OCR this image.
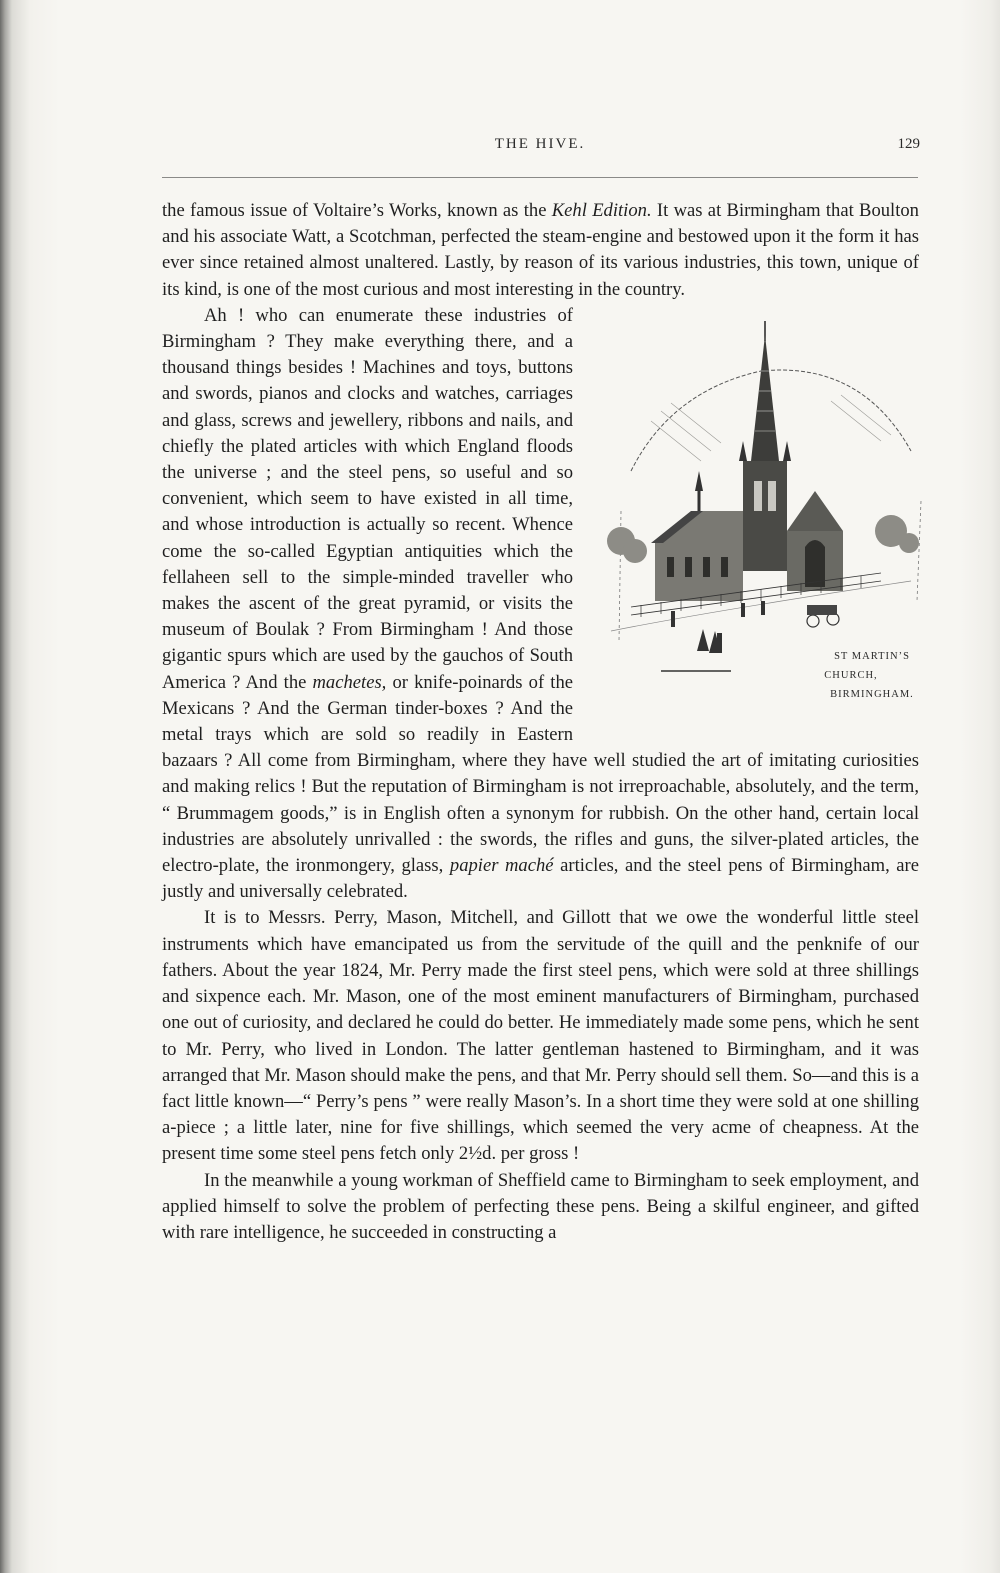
THE HIVE.	129

the famous issue of Voltaire’s Works, known as the Kehl Edition. It was at Birmingham that Boulton and his associate Watt, a Scotchman, perfected the steam-engine and bestowed upon it the form it has ever since retained almost unaltered. Lastly, by reason of its various industries, this town, unique of its kind, is one of the most curious and most interesting in the country.

ST MARTIN’S CHURCH,
BIRMINGHAM.
Ah ! who can enumerate these industries of Birmingham ? They make everything there, and a thousand things besides ! Machines and toys, buttons and swords, pianos and clocks and watches, carriages and glass, screws and jewellery, ribbons and nails, and chiefly the plated articles with which England floods the universe ; and the steel pens, so useful and so convenient, which seem to have existed in all time, and whose introduction is actually so recent. Whence come the so-called Egyptian antiquities which the fellaheen sell to the simple-minded traveller who makes the ascent of the great pyramid, or visits the museum of Boulak ? From Birmingham ! And those gigantic spurs which are used by the gauchos of South America ? And the machetes, or knife-poinards of the Mexicans ? And the German tinder-boxes ? And the metal trays which are sold so readily in Eastern bazaars ? All come from Birmingham, where they have well studied the art of imitating curiosities and making relics ! But the reputation of Birmingham is not irreproachable, absolutely, and the term, “ Brummagem goods,” is in English often a synonym for rubbish. On the other hand, certain local industries are absolutely unrivalled : the swords, the rifles and guns, the silver-plated articles, the electro-plate, the ironmongery, glass, papier maché articles, and the steel pens of Birmingham, are justly and universally celebrated.

It is to Messrs. Perry, Mason, Mitchell, and Gillott that we owe the wonderful little steel instruments which have emancipated us from the servitude of the quill and the penknife of our fathers. About the year 1824, Mr. Perry made the first steel pens, which were sold at three shillings and sixpence each. Mr. Mason, one of the most eminent manufacturers of Birmingham, purchased one out of curiosity, and declared he could do better. He immediately made some pens, which he sent to Mr. Perry, who lived in London. The latter gentleman hastened to Birmingham, and it was arranged that Mr. Mason should make the pens, and that Mr. Perry should sell them. So—and this is a fact little known—“ Perry’s pens ” were really Mason’s. In a short time they were sold at one shilling a-piece ; a little later, nine for five shillings, which seemed the very acme of cheapness. At the present time some steel pens fetch only 2½d. per gross !

In the meanwhile a young workman of Sheffield came to Birmingham to seek employment, and applied himself to solve the problem of perfecting these pens. Being a skilful engineer, and gifted with rare intelligence, he succeeded in constructing a
